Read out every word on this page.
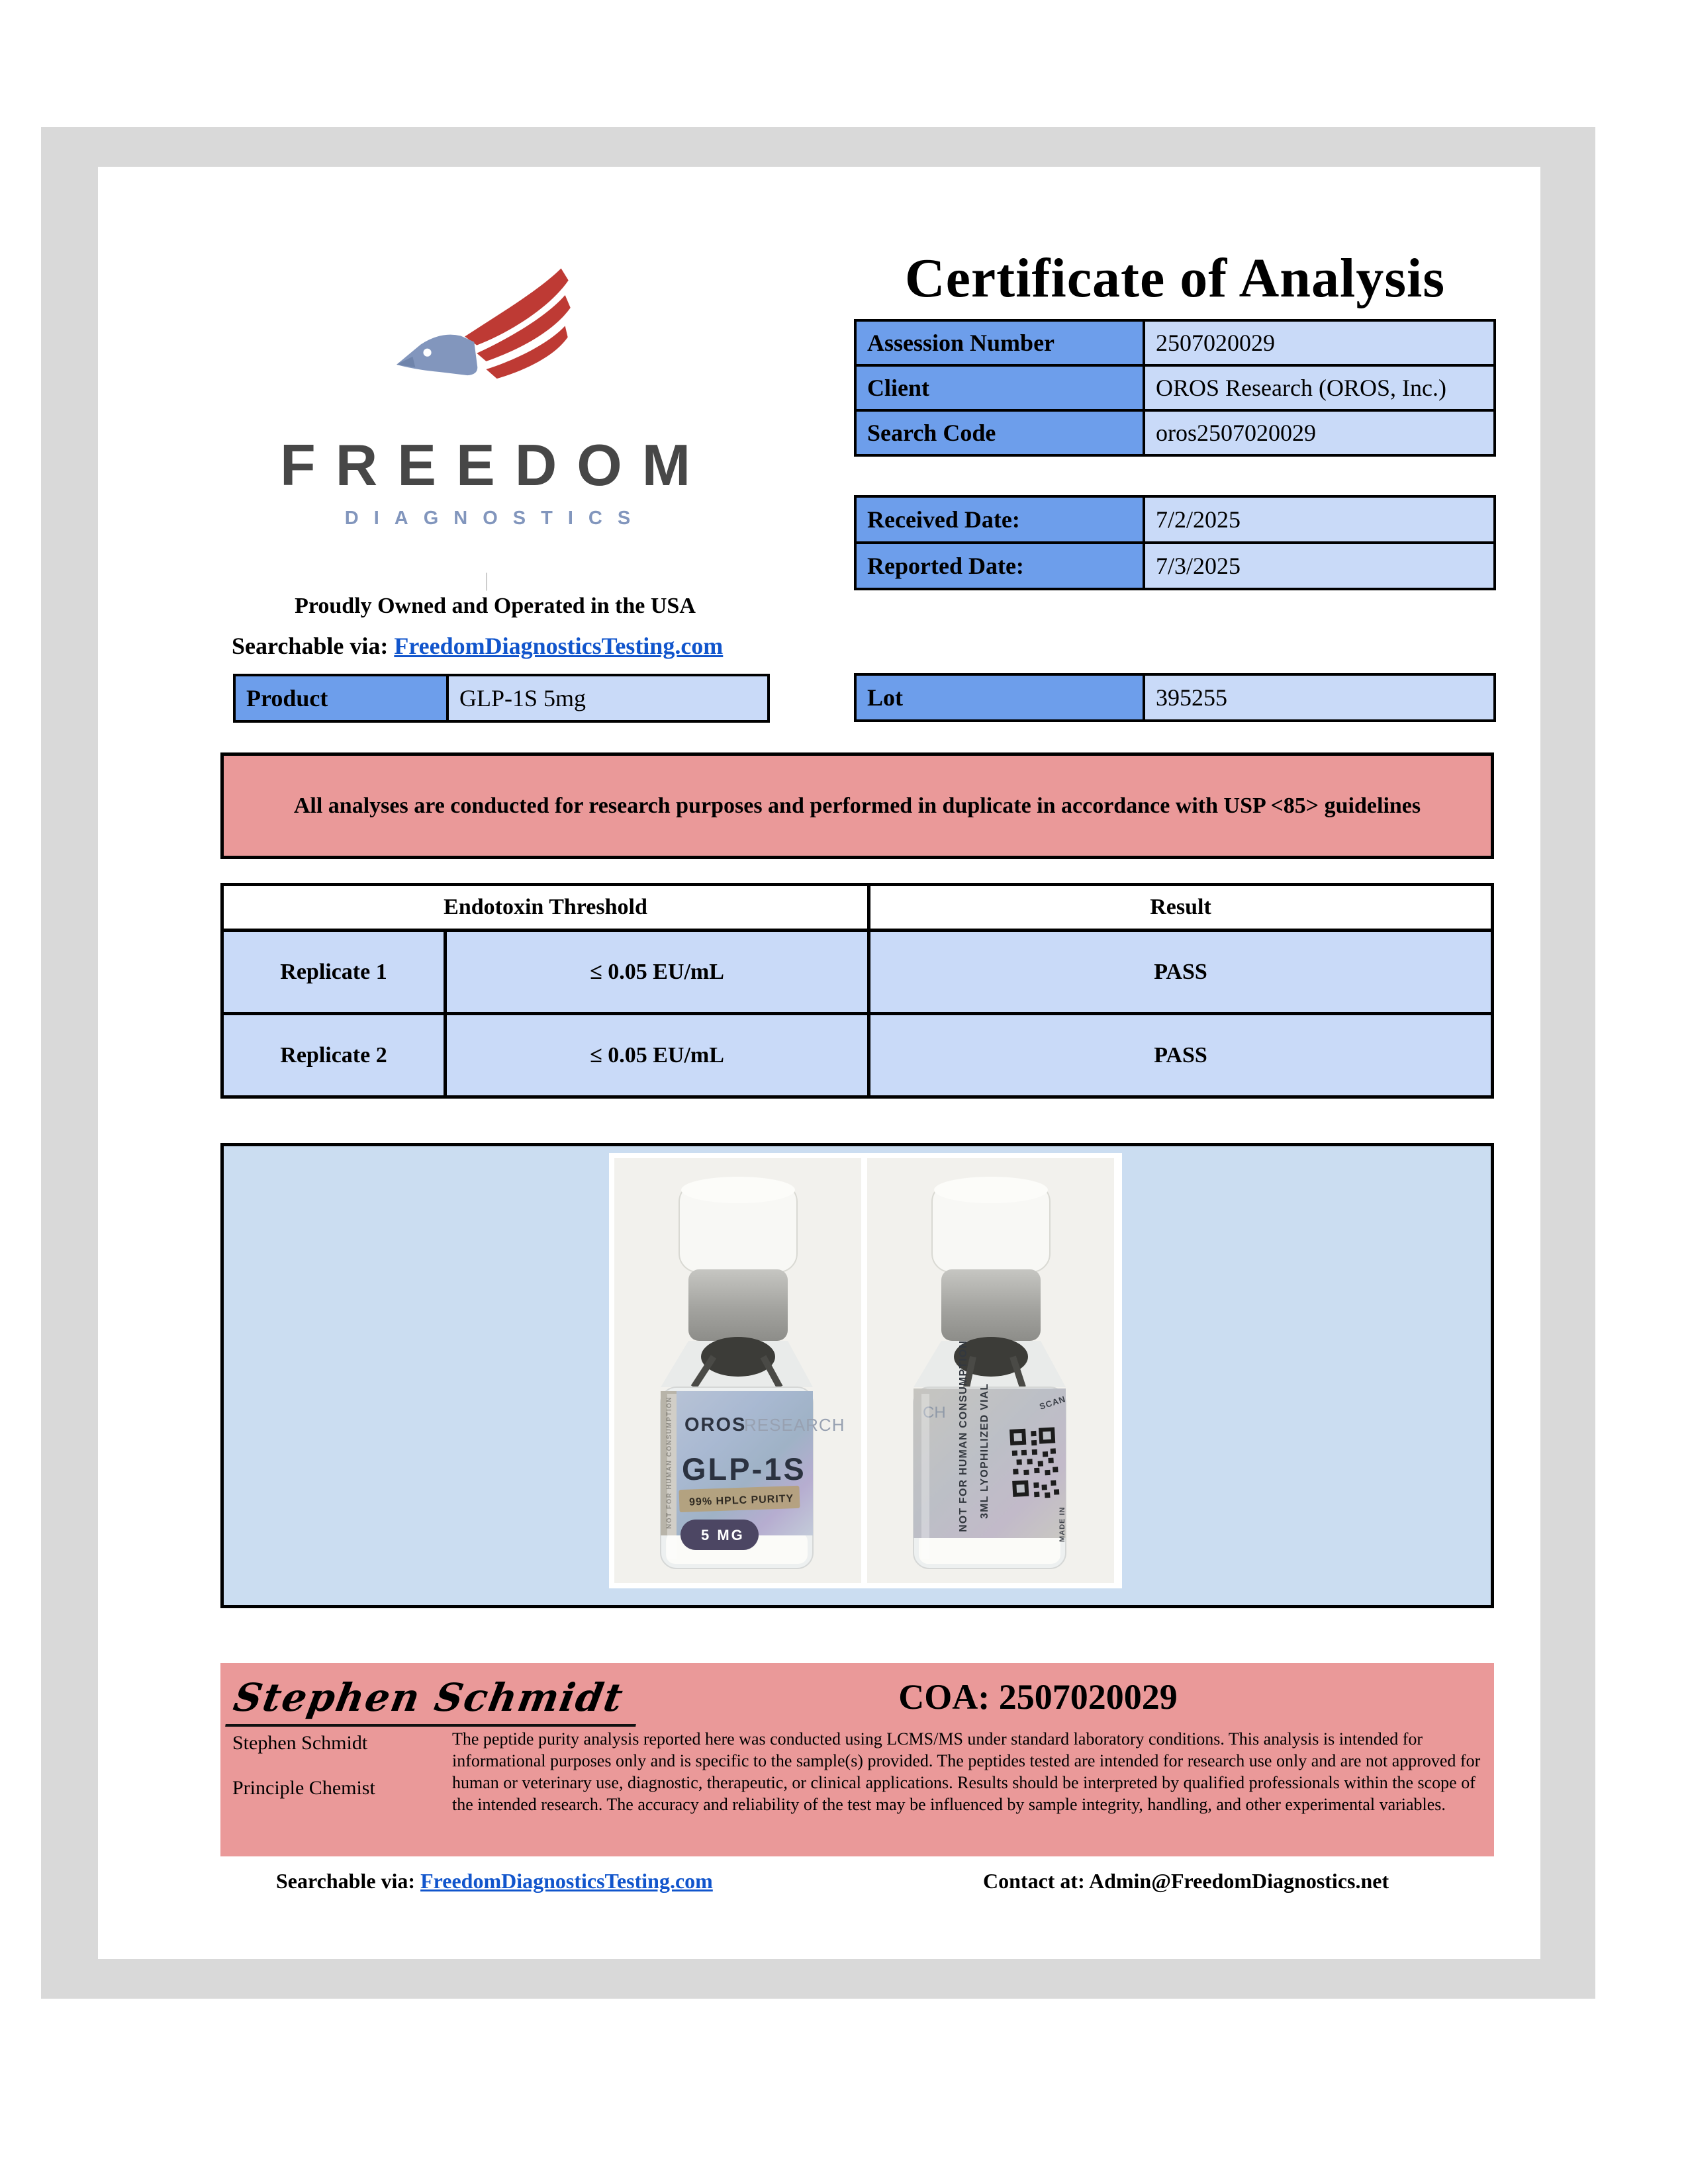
FREEDOM
DIAGNOSTICS
|
Proudly Owned and Operated in the USA
Searchable via: FreedomDiagnosticsTesting.com
Certificate of Analysis
Assession Number	2507020029
Client	OROS Research (OROS, Inc.)
Search Code	oros2507020029
Received Date:	7/2/2025
Reported Date:	7/3/2025
Product	GLP-1S 5mg	Lot	395255
All analyses are conducted for research purposes and performed in duplicate in accordance with USP <85> guidelines
Endotoxin Threshold	Result
Replicate 1	≤ 0.05 EU/mL	PASS
Replicate 2	≤ 0.05 EU/mL	PASS
NOT FOR HUMAN CONSUMPTION OROS
RESEARCH
GLP-1S
99% HPLC PURITY
5 MG
CH
SCAN
NOT FOR HUMAN CONSUMPTION 3ML LYOPHILIZED VIAL
MADE IN
Stephen Schmidt	COA: 2507020029
Stephen Schmidt
Principle Chemist
The peptide purity analysis reported here was conducted using LCMS/MS under standard laboratory conditions. This analysis is intended for informational purposes only and is specific to the sample(s) provided. The peptides tested are intended for research use only and are not approved for human or veterinary use, diagnostic, therapeutic, or clinical applications. Results should be interpreted by qualified professionals within the scope of the intended research. The accuracy and reliability of the test may be influenced by sample integrity, handling, and other experimental variables.
Searchable via: FreedomDiagnosticsTesting.com	Contact at: Admin@FreedomDiagnostics.net
